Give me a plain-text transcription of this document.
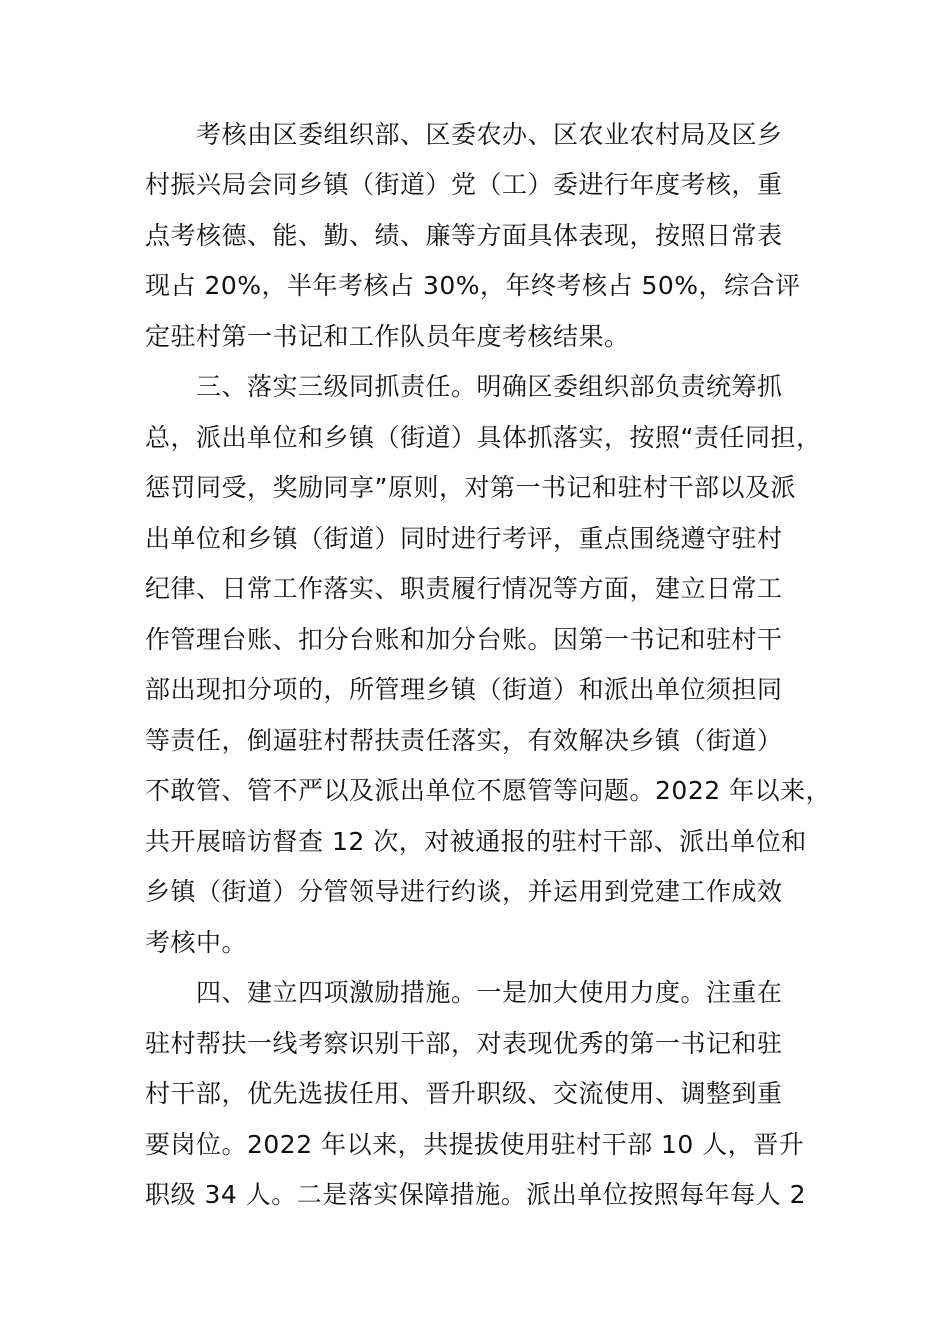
考核由区委组织部、区委农办、区农业农村局及区乡
村振兴局会同乡镇（街道）党（工）委进行年度考核，重
点考核德、能、勤、绩、廉等方面具体表现，按照日常表
现占 20%，半年考核占 30%，年终考核占 50%，综合评
定驻村第一书记和工作队员年度考核结果。
三、落实三级同抓责任。明确区委组织部负责统筹抓
总，派出单位和乡镇（街道）具体抓落实，按照“责任同担，
惩罚同受，奖励同享”原则，对第一书记和驻村干部以及派
出单位和乡镇（街道）同时进行考评，重点围绕遵守驻村
纪律、日常工作落实、职责履行情况等方面，建立日常工
作管理台账、扣分台账和加分台账。因第一书记和驻村干
部出现扣分项的，所管理乡镇（街道）和派出单位须担同
等责任，倒逼驻村帮扶责任落实，有效解决乡镇（街道）
不敢管、管不严以及派出单位不愿管等问题。2022 年以来，
共开展暗访督查 12 次，对被通报的驻村干部、派出单位和
乡镇（街道）分管领导进行约谈，并运用到党建工作成效
考核中。
四、建立四项激励措施。一是加大使用力度。注重在
驻村帮扶一线考察识别干部，对表现优秀的第一书记和驻
村干部，优先选拔任用、晋升职级、交流使用、调整到重
要岗位。2022 年以来，共提拔使用驻村干部 10 人，晋升
职级 34 人。二是落实保障措施。派出单位按照每年每人 2
